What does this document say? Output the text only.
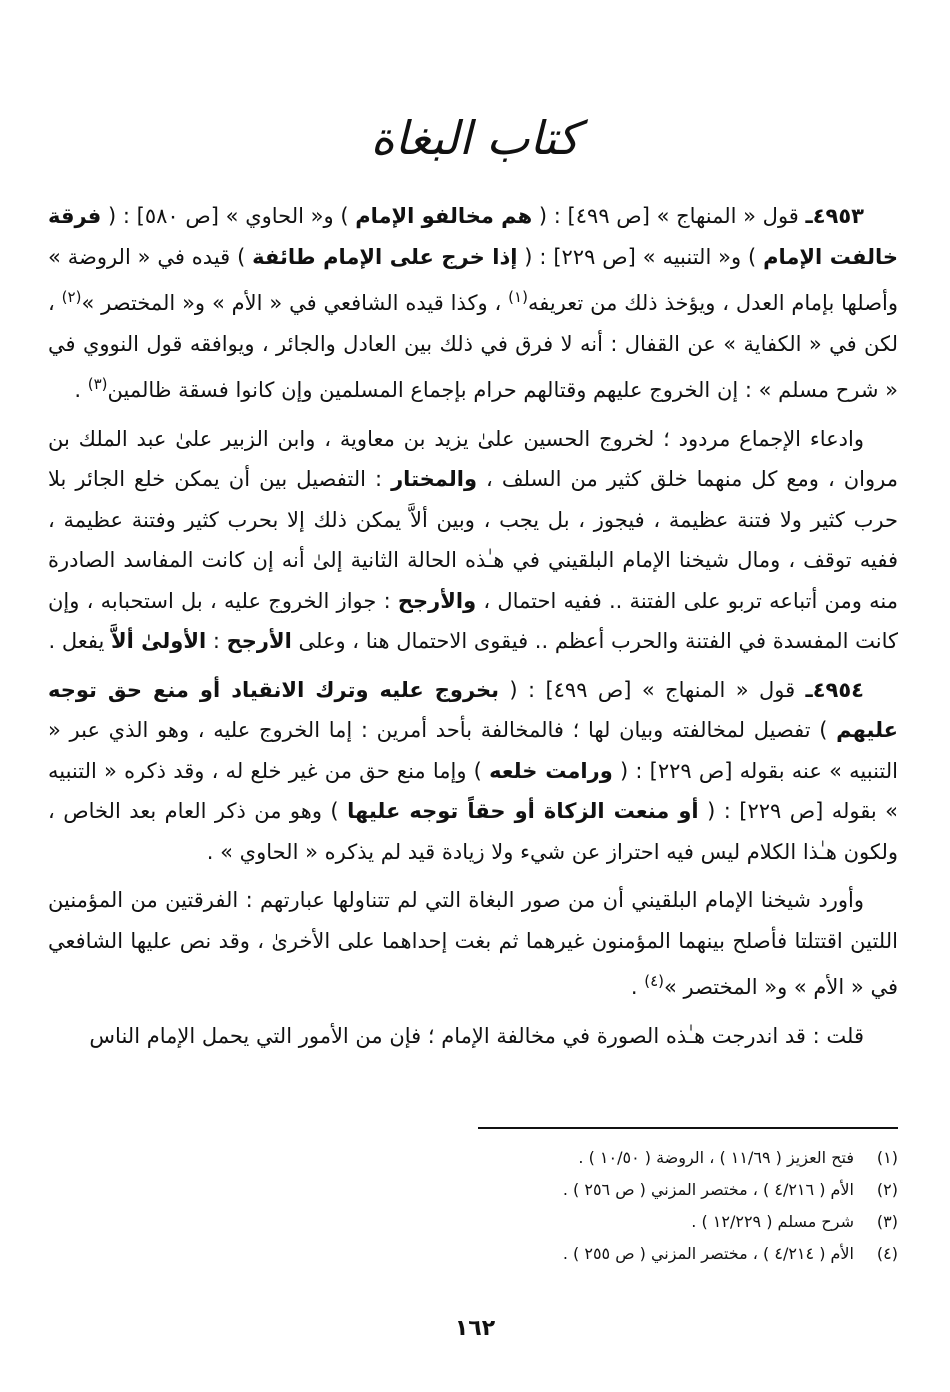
كتاب البغاة

٤٩٥٣ـ قول « المنهاج » [ص ٤٩٩] : ( هم مخالفو الإمام ) و« الحاوي » [ص ٥٨٠] : ( فرقة خالفت الإمام ) و« التنبيه » [ص ٢٢٩] : ( إذا خرج على الإمام طائفة ) قيده في « الروضة » وأصلها بإمام العدل ، ويؤخذ ذلك من تعريفه$^{(١)}$ ، وكذا قيده الشافعي في « الأم » و« المختصر »$^{(٢)}$ ، لكن في « الكفاية » عن القفال : أنه لا فرق في ذلك بين العادل والجائر ، ويوافقه قول النووي في « شرح مسلم » : إن الخروج عليهم وقتالهم حرام بإجماع المسلمين وإن كانوا فسقة ظالمين$^{(٣)}$ .

وادعاء الإجماع مردود ؛ لخروج الحسين علىٰ يزيد بن معاوية ، وابن الزبير علىٰ عبد الملك بن مروان ، ومع كل منهما خلق كثير من السلف ، والمختار : التفصيل بين أن يمكن خلع الجائر بلا حرب كثير ولا فتنة عظيمة ، فيجوز ، بل يجب ، وبين ألاَّ يمكن ذلك إلا بحرب كثير وفتنة عظيمة ، ففيه توقف ، ومال شيخنا الإمام البلقيني في هـٰذه الحالة الثانية إلىٰ أنه إن كانت المفاسد الصادرة منه ومن أتباعه تربو على الفتنة .. ففيه احتمال ، والأرجح : جواز الخروج عليه ، بل استحبابه ، وإن كانت المفسدة في الفتنة والحرب أعظم .. فيقوى الاحتمال هنا ، وعلى الأرجح : الأولىٰ ألاَّ يفعل .

٤٩٥٤ـ قول « المنهاج » [ص ٤٩٩] : ( بخروج عليه وترك الانقياد أو منع حق توجه عليهم ) تفصيل لمخالفته وبيان لها ؛ فالمخالفة بأحد أمرين : إما الخروج عليه ، وهو الذي عبر « التنبيه » عنه بقوله [ص ٢٢٩] : ( ورامت خلعه ) وإما منع حق من غير خلع له ، وقد ذكره « التنبيه » بقوله [ص ٢٢٩] : ( أو منعت الزكاة أو حقاً توجه عليها ) وهو من ذكر العام بعد الخاص ، ولكون هـٰذا الكلام ليس فيه احتراز عن شيء ولا زيادة قيد لم يذكره « الحاوي » .

وأورد شيخنا الإمام البلقيني أن من صور البغاة التي لم تتناولها عبارتهم : الفرقتين من المؤمنين اللتين اقتتلتا فأصلح بينهما المؤمنون غيرهما ثم بغت إحداهما على الأخرىٰ ، وقد نص عليها الشافعي في « الأم » و« المختصر »$^{(٤)}$ .

قلت : قد اندرجت هـٰذه الصورة في مخالفة الإمام ؛ فإن من الأمور التي يحمل الإمام الناس

(١)فتح العزيز ( ١١/٦٩ ) ، الروضة ( ١٠/٥٠ ) .
(٢)الأم ( ٤/٢١٦ ) ، مختصر المزني ( ص ٢٥٦ ) .
(٣)شرح مسلم ( ١٢/٢٢٩ ) .
(٤)الأم ( ٤/٢١٤ ) ، مختصر المزني ( ص ٢٥٥ ) .
١٦٢
